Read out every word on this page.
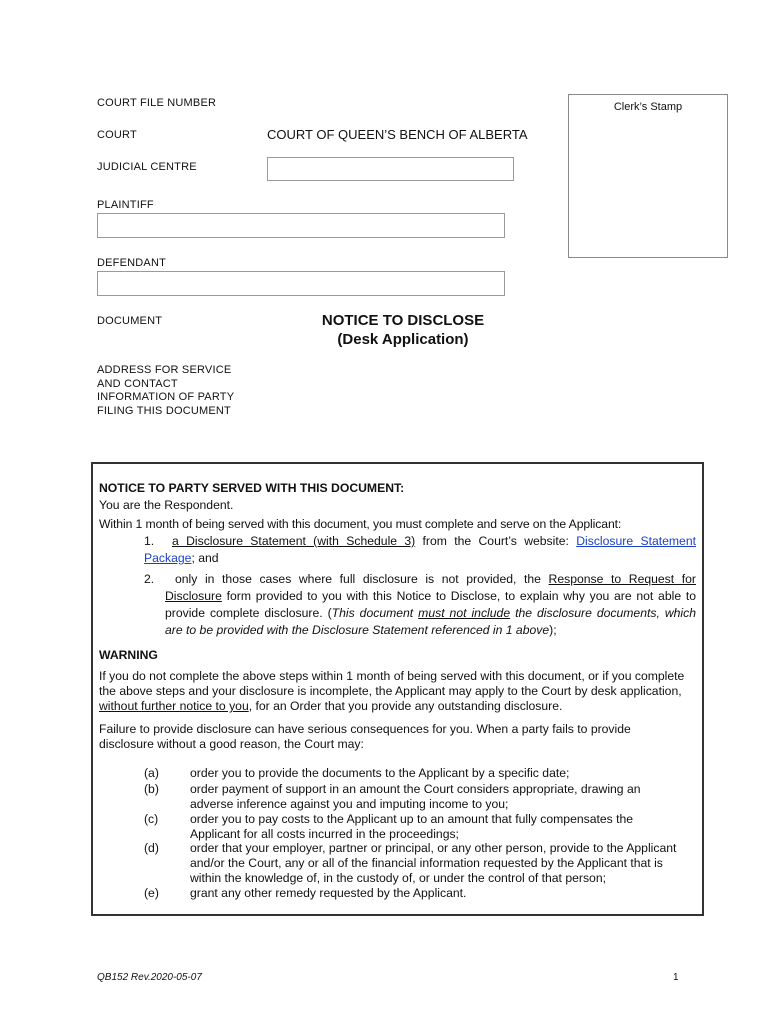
COURT FILE NUMBER
COURT	COURT OF QUEEN’S BENCH OF ALBERTA
JUDICIAL CENTRE
PLAINTIFF
DEFENDANT
DOCUMENT	NOTICE TO DISCLOSE
(Desk Application)
ADDRESS FOR SERVICE
AND CONTACT
INFORMATION OF PARTY
FILING THIS DOCUMENT
Clerk’s Stamp
NOTICE TO PARTY SERVED WITH THIS DOCUMENT:
You are the Respondent.
Within 1 month of being served with this document, you must complete and serve on the Applicant:
1.	a Disclosure Statement (with Schedule 3) from the Court’s website: Disclosure Statement Package; and
2.	only in those cases where full disclosure is not provided, the Response to Request for Disclosure form provided to you with this Notice to Disclose, to explain why you are not able to provide complete disclosure. (This document must not include the disclosure documents, which are to be provided with the Disclosure Statement referenced in 1 above);
WARNING
If you do not complete the above steps within 1 month of being served with this document, or if you complete the above steps and your disclosure is incomplete, the Applicant may apply to the Court by desk application, without further notice to you, for an Order that you provide any outstanding disclosure.
Failure to provide disclosure can have serious consequences for you. When a party fails to provide disclosure without a good reason, the Court may:
(a)	order you to provide the documents to the Applicant by a specific date;
(b)	order payment of support in an amount the Court considers appropriate, drawing an
adverse inference against you and imputing income to you;
(c)	order you to pay costs to the Applicant up to an amount that fully compensates the
Applicant for all costs incurred in the proceedings;
(d)	order that your employer, partner or principal, or any other person, provide to the Applicant
and/or the Court, any or all of the financial information requested by the Applicant that is
within the knowledge of, in the custody of, or under the control of that person;
(e)	grant any other remedy requested by the Applicant.
QB152 Rev.2020-05-07	1
